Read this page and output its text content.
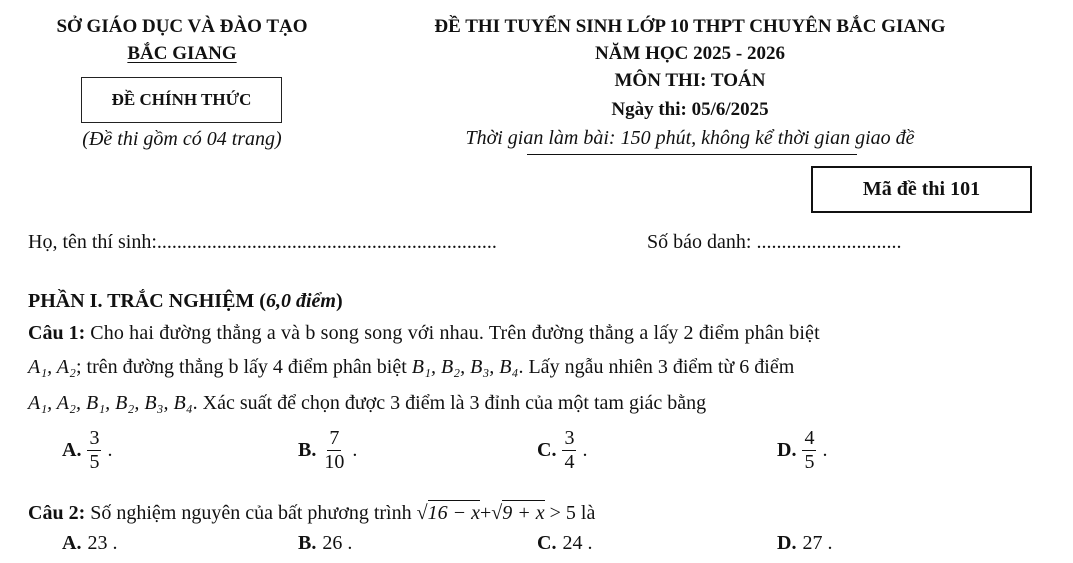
SỞ GIÁO DỤC VÀ ĐÀO TẠO
BẮC GIANG
ĐỀ CHÍNH THỨC
(Đề thi gồm có 04 trang)
ĐỀ THI TUYỂN SINH LỚP 10 THPT CHUYÊN BẮC GIANG
NĂM HỌC 2025 - 2026
MÔN THI: TOÁN
Ngày thi: 05/6/2025
Thời gian làm bài: 150 phút, không kể thời gian giao đề
Mã đề thi 101
Họ, tên thí sinh:....................................................................	Số báo danh: .............................
PHẦN I. TRẮC NGHIỆM (6,0 điểm)
Câu 1: Cho hai đường thẳng a và b song song với nhau. Trên đường thẳng a lấy 2 điểm phân biệt
A₁, A₂; trên đường thẳng b lấy 4 điểm phân biệt B₁, B₂, B₃, B₄. Lấy ngẫu nhiên 3 điểm từ 6 điểm
A₁, A₂, B₁, B₂, B₃, B₄. Xác suất để chọn được 3 điểm là 3 đỉnh của một tam giác bằng
A. $\frac{3}{5}$ .	B. $\frac{7}{10}$ .	C. $\frac{3}{4}$ .	D. $\frac{4}{5}$ .
Câu 2: Số nghiệm nguyên của bất phương trình √16 − x+√9 + x > 5 là
A. 23 .	B. 26 .	C. 24 .	D. 27 .
